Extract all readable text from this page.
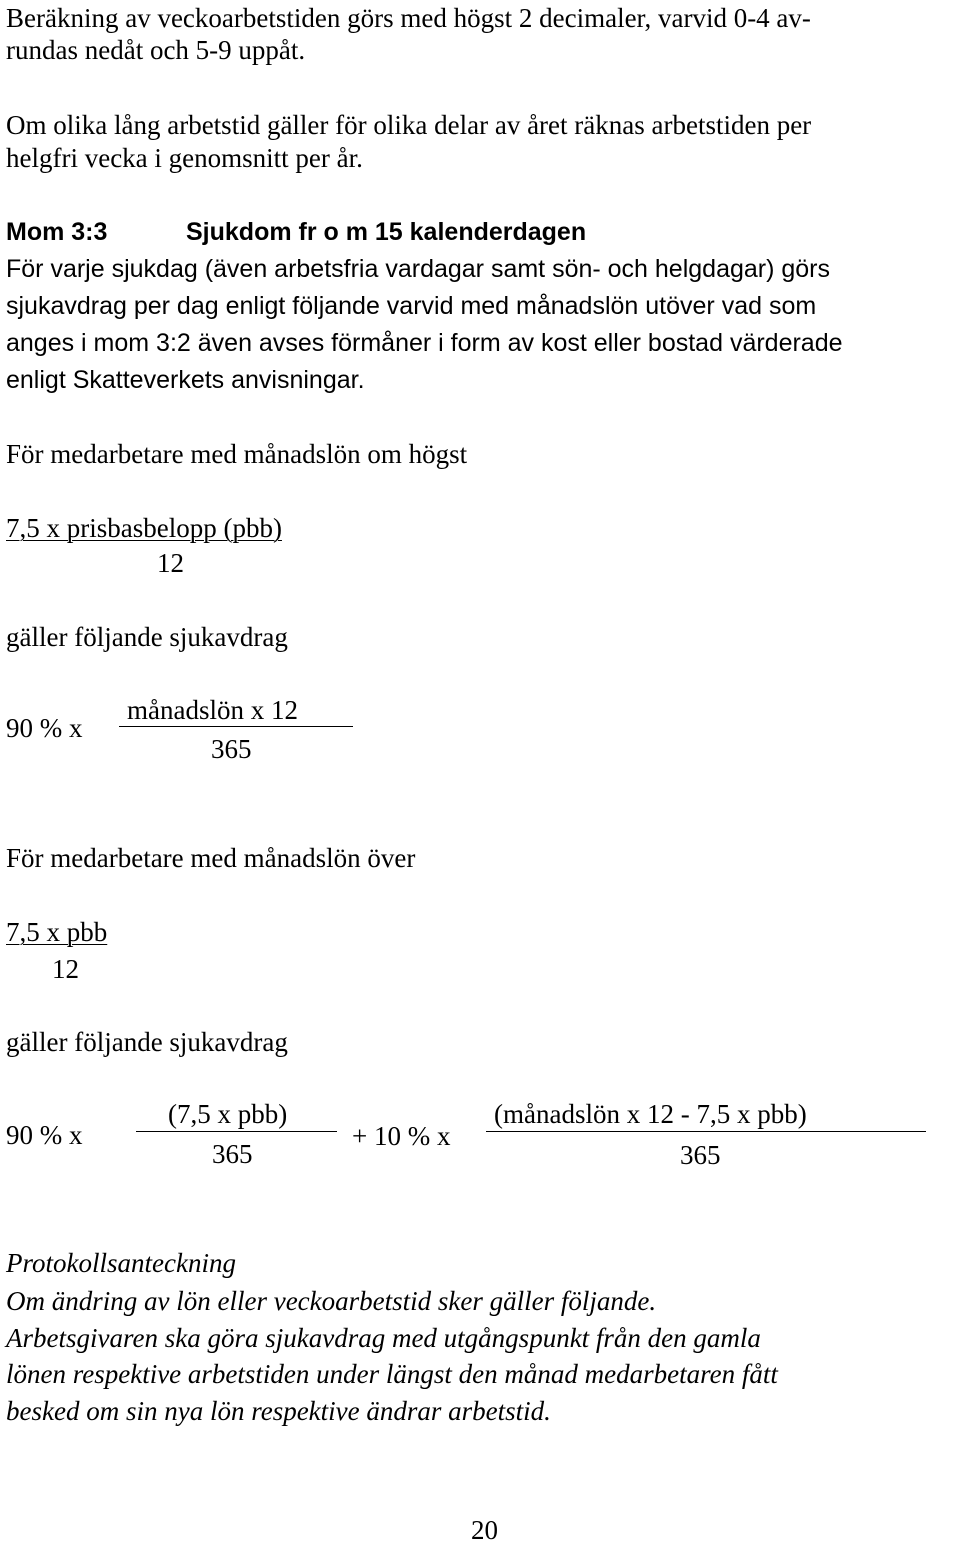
Beräkning av veckoarbetstiden görs med högst 2 decimaler, varvid 0-4 av-

rundas nedåt och 5-9 uppåt.

Om olika lång arbetstid gäller för olika delar av året räknas arbetstiden per

helgfri vecka i genomsnitt per år.

Mom 3:3	Sjukdom fr o m 15 kalenderdagen

För varje sjukdag (även arbetsfria vardagar samt sön- och helgdagar) görs

sjukavdrag per dag enligt följande varvid med månadslön utöver vad som

anges i mom 3:2 även avses förmåner i form av kost eller bostad värderade

enligt Skatteverkets anvisningar.

För medarbetare med månadslön om högst

7,5 x prisbasbelopp (pbb)

12

gäller följande sjukavdrag

90 % x

månadslön x 12

365

För medarbetare med månadslön över

7,5 x pbb

12

gäller följande sjukavdrag

90 % x

(7,5 x pbb)

365

+ 10 % x

(månadslön x 12 - 7,5 x pbb)

365

Protokollsanteckning

Om ändring av lön eller veckoarbetstid sker gäller följande.

Arbetsgivaren ska göra sjukavdrag med utgångspunkt från den gamla

lönen respektive arbetstiden under längst den månad medarbetaren fått

besked om sin nya lön respektive ändrar arbetstid.

20
